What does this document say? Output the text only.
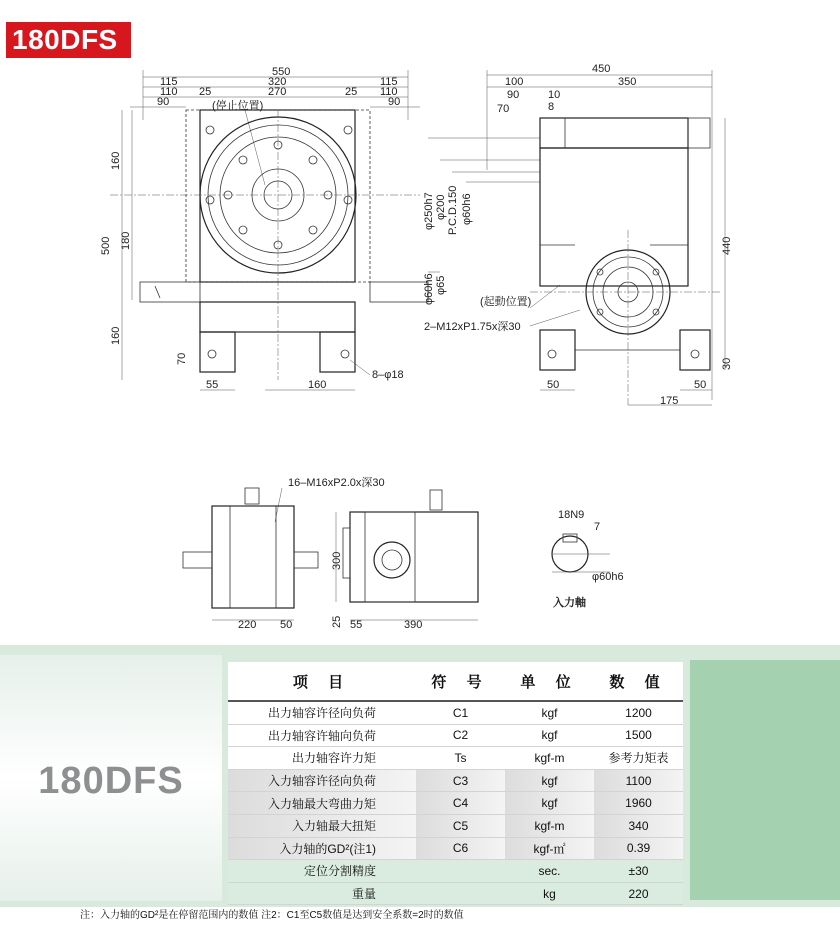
180DFS
550
115	320	115
110 25	270	25 110
90	90
(停止位置)
160
500 180
160
70
55	160
8–φ18
φ250h7 φ200 P.C.D.150 φ60h6
φ60h6 φ65
(起動位置)
2–M12xP1.75x深30
450
100	350
90	10
70	8
440
30
50	50
175
16–M16xP2.0x深30
220 50
300
25 55	390
18N9
7
φ60h6
入力軸
180DFS
项 目	符 号	单 位	数 值
出力轴容许径向负荷	C1	kgf	1200
出力轴容许轴向负荷	C2	kgf	1500
出力轴容许力矩	Ts	kgf-m	参考力矩表
入力轴容许径向负荷	C3	kgf	1100
入力轴最大弯曲力矩	C4	kgf	1960
入力轴最大扭矩	C5	kgf-m	340
入力轴的GD²(注1)	C6	kgf-㎡	0.39
定位分割精度		sec.	±30
重量		kg	220
注：入力轴的GD²是在停留范围内的数值 注2：C1至C5数值是达到安全系数=2时的数值
